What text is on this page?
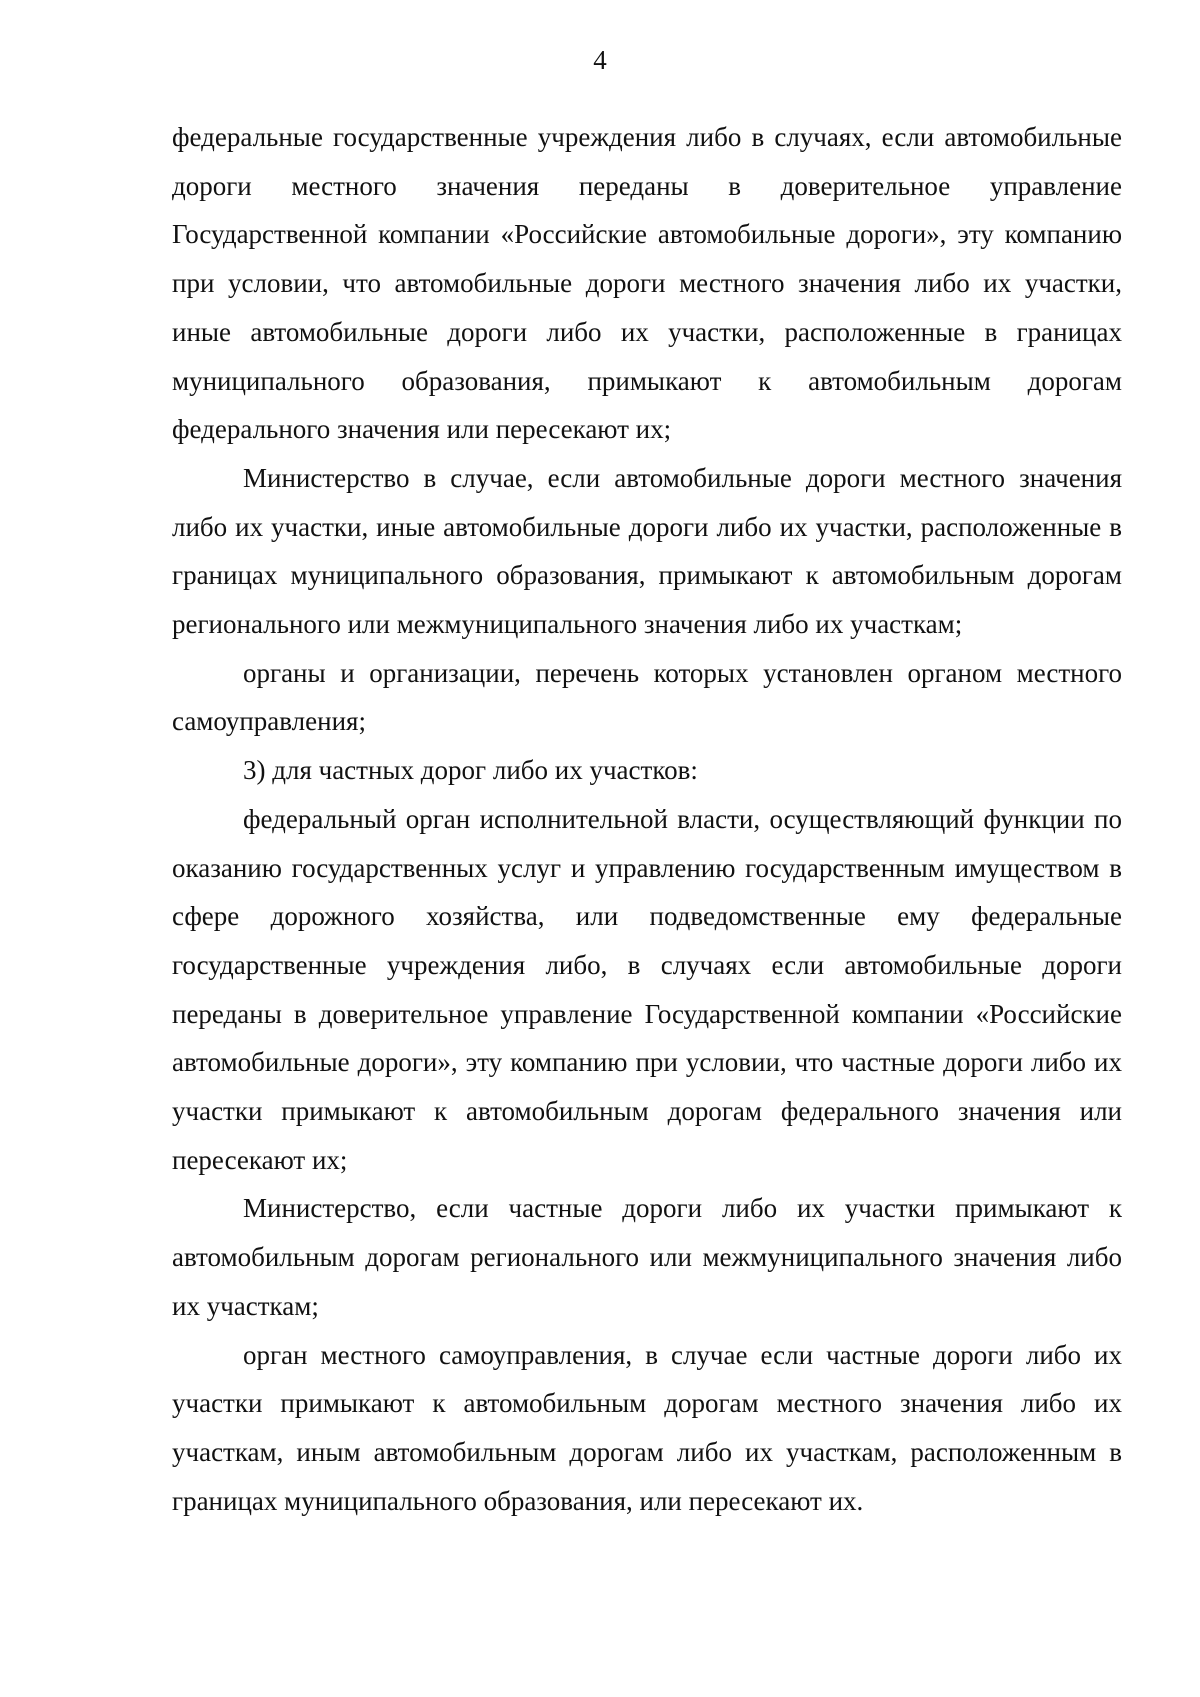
4

федеральные государственные учреждения либо в случаях, если автомобильные дороги местного значения переданы в доверительное управление Государственной компании «Российские автомобильные дороги», эту компанию при условии, что автомобильные дороги местного значения либо их участки, иные автомобильные дороги либо их участки, расположенные в границах муниципального образования, примыкают к автомобильным дорогам федерального значения или пересекают их;

Министерство в случае, если автомобильные дороги местного значения либо их участки, иные автомобильные дороги либо их участки, расположенные в границах муниципального образования, примыкают к автомобильным дорогам регионального или межмуниципального значения либо их участкам;

органы и организации, перечень которых установлен органом местного самоуправления;

3) для частных дорог либо их участков:

федеральный орган исполнительной власти, осуществляющий функции по оказанию государственных услуг и управлению государственным имуществом в сфере дорожного хозяйства, или подведомственные ему федеральные государственные учреждения либо, в случаях если автомобильные дороги переданы в доверительное управление Государственной компании «Российские автомобильные дороги», эту компанию при условии, что частные дороги либо их участки примыкают к автомобильным дорогам федерального значения или пересекают их;

Министерство, если частные дороги либо их участки примыкают к автомобильным дорогам регионального или межмуниципального значения либо их участкам;

орган местного самоуправления, в случае если частные дороги либо их участки примыкают к автомобильным дорогам местного значения либо их участкам, иным автомобильным дорогам либо их участкам, расположенным в границах муниципального образования, или пересекают их.
